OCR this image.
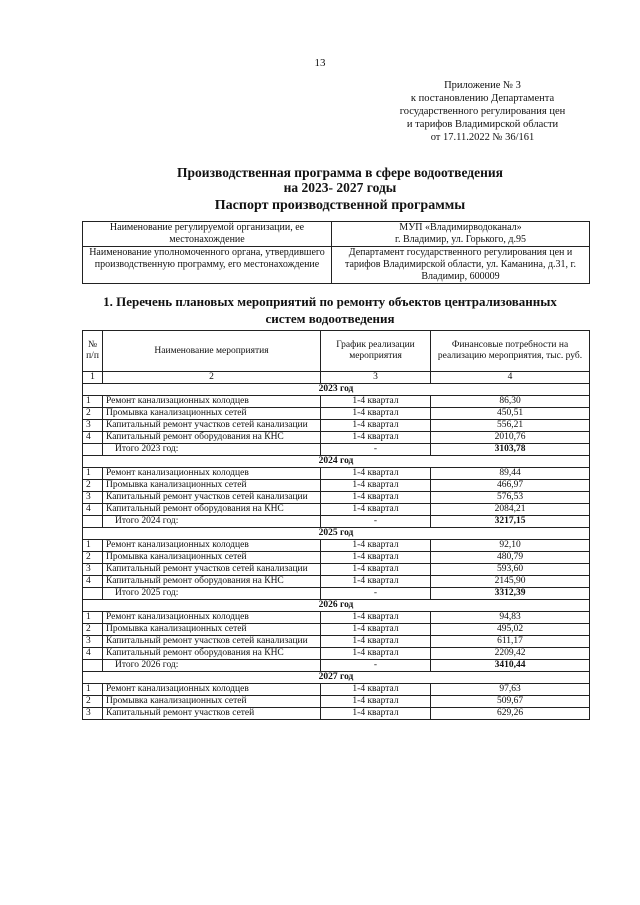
13
Приложение № 3
к постановлению Департамента
государственного регулирования цен
и тарифов Владимирской области
от 17.11.2022 № 36/161
Производственная программа в сфере водоотведения
на 2023- 2027 годы
Паспорт производственной программы
Наименование регулируемой организации, ее местонахождение	МУП «Владимирводоканал»
г. Владимир, ул. Горького, д.95

Наименование уполномоченного органа, утвердившего производственную программу, его местонахождение	Департамент государственного регулирования цен и тарифов Владимирской области, ул. Каманина, д.31, г. Владимир, 600009
1. Перечень плановых мероприятий по ремонту объектов централизованных
систем водоотведения
№ п/п	Наименование мероприятия	График реализации мероприятия	Финансовые потребности на реализацию мероприятия, тыс. руб.
1	2	3	4
2023 год			
1	Ремонт канализационных колодцев	1-4 квартал	86,30
2	Промывка канализационных сетей	1-4 квартал	450,51
3	Капитальный ремонт участков сетей канализации	1-4 квартал	556,21
4	Капитальный ремонт оборудования на КНС	1-4 квартал	2010,76
	Итого 2023 год:	-	3103,78
2024 год			
1	Ремонт канализационных колодцев	1-4 квартал	89,44
2	Промывка канализационных сетей	1-4 квартал	466,97
3	Капитальный ремонт участков сетей канализации	1-4 квартал	576,53
4	Капитальный ремонт оборудования на КНС	1-4 квартал	2084,21
	Итого 2024 год:	-	3217,15
2025 год			
1	Ремонт канализационных колодцев	1-4 квартал	92,10
2	Промывка канализационных сетей	1-4 квартал	480,79
3	Капитальный ремонт участков сетей канализации	1-4 квартал	593,60
4	Капитальный ремонт оборудования на КНС	1-4 квартал	2145,90
	Итого 2025 год:	-	3312,39
2026 год			
1	Ремонт канализационных колодцев	1-4 квартал	94,83
2	Промывка канализационных сетей	1-4 квартал	495,02
3	Капитальный ремонт участков сетей канализации	1-4 квартал	611,17
4	Капитальный ремонт оборудования на КНС	1-4 квартал	2209,42
	Итого 2026 год:	-	3410,44
2027 год			
1	Ремонт канализационных колодцев	1-4 квартал	97,63
2	Промывка канализационных сетей	1-4 квартал	509,67
3	Капитальный ремонт участков сетей	1-4 квартал	629,26
